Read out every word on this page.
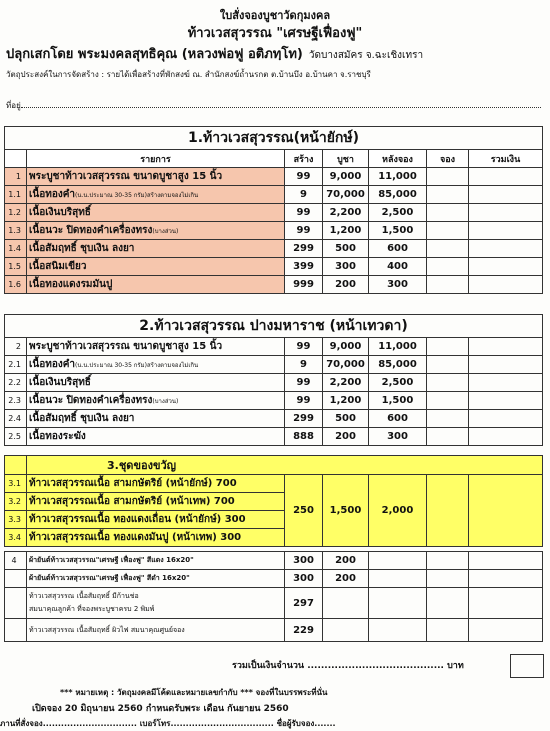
ใบสั่งจองบูชาวัดกุมงคล
ท้าวเวสสุวรรณ "เศรษฐีเฟื่องฟู"
ปลุกเสกโดย พระมงคลสุทธิคุณ (หลวงพ่อฟู อติภทฺโท) วัดบางสมัคร จ.ฉะเชิงเทรา
วัตถุประสงค์ในการจัดสร้าง : รายได้เพื่อสร้างที่พักสงฆ์ ณ. สำนักสงฆ์ถ้ำนรกต ต.บ้านบึง อ.บ้านคา จ.ราชบุรี
ที่อยู่
1.ท้าวเวสสุวรรณ(หน้ายักษ์)						
	รายการ	สร้าง	บูชา	หลังจอง	จอง	รวมเงิน
1	พระบูชาท้าวเวสสุวรรณ ขนาดบูชาสูง 15 นิ้ว	99	9,000	11,000		
1.1	เนื้อทองคำ(น.น.ประมาณ 30-35 กรัม)สร้างตามจองไม่เกิน	9	70,000	85,000		
1.2	เนื้อเงินบริสุทธิ์	99	2,200	2,500		
1.3	เนื้อนวะ ปิดทองคำเครื่องทรง(บางส่วน)	99	1,200	1,500		
1.4	เนื้อสัมฤทธิ์ ชุบเงิน ลงยา	299	500	600		
1.5	เนื้อสนิมเขียว	399	300	400		
1.6	เนื้อทองแดงรมมันปู	999	200	300		
2.ท้าวเวสสุวรรณ ปางมหาราช (หน้าเทวดา)						
2	พระบูชาท้าวเวสสุวรรณ ขนาดบูชาสูง 15 นิ้ว	99	9,000	11,000		
2.1	เนื้อทองคำ(น.น.ประมาณ 30-35 กรัม)สร้างตามจองไม่เกิน	9	70,000	85,000		
2.2	เนื้อเงินบริสุทธิ์	99	2,200	2,500		
2.3	เนื้อนวะ ปิดทองคำเครื่องทรง(บางส่วน)	99	1,200	1,500		
2.4	เนื้อสัมฤทธิ์ ชุบเงิน ลงยา	299	500	600		
2.5	เนื้อทองระฆัง	888	200	300		
	3.ชุดของขวัญ					
3.1	ท้าวเวสสุวรรณเนื้อ สามกษัตริย์ (หน้ายักษ์) 700	250	1,500	2,000		
3.2	ท้าวเวสสุวรรณเนื้อ สามกษัตริย์ (หน้าเทพ) 700					
3.3	ท้าวเวสสุวรรณเนื้อ ทองแดงเถื่อน (หน้ายักษ์) 300					
3.4	ท้าวเวสสุวรรณเนื้อ ทองแดงมันปู (หน้าเทพ) 300					
4	ผ้ายันต์ท้าวเวสสุวรรณ"เศรษฐี เฟื่องฟู" สีแดง 16x20"	300	200			
	ผ้ายันต์ท้าวเวสสุวรรณ"เศรษฐี เฟื่องฟู" สีดำ 16x20"	300	200			

	ท้าวเวสสุวรรณ เนื้อสัมฤทธิ์ มีก้านช่อ
สมนาคุณลูกค้า ที่จองพระบูชาครบ 2 พิมพ์	297				

	ท้าวเวสสุวรรณ เนื้อสัมฤทธิ์ ผิวไฟ สมนาคุณศูนย์จอง	229				
รวมเป็นเงินจำนวน ........................................ บาท
*** หมายเหตุ : วัตถุมงคลมีโค้ดและหมายเลขกำกับ *** จองที่ในบรรพระที่นั่น
เปิดจอง 20 มิถุนายน 2560 กำหนดรับพระ เดือน กันยายน 2560
ภานที่สั่งจอง............................... เบอร์โทร.................................. ชื่อผู้รับจอง.......
